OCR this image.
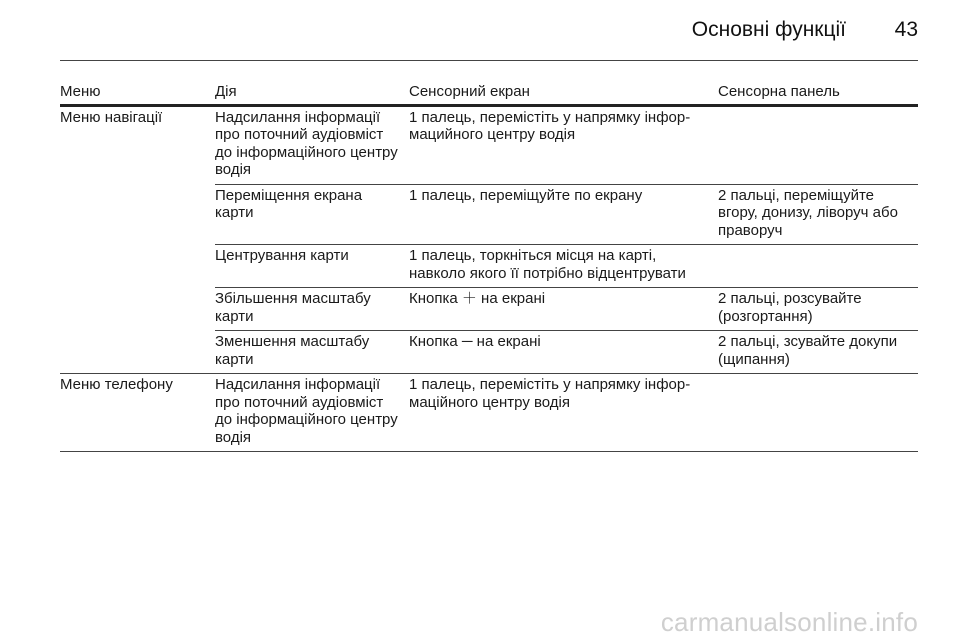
Основні функції 43
Меню	Дія	Сенсорний екран	Сенсорна панель
Меню навігації	Надсилання інформації про поточний аудіовміст до інформаційного центру водія	1 палець, перемістіть у напрямку інфор-мацийного центру водія	
	Переміщення екрана карти	1 палець, переміщуйте по екрану	2 пальці, переміщуйте вгору, донизу, ліворуч або праворуч
	Центрування карти	1 палець, торкніться місця на карті, навколо якого її потрібно відцентрувати	
	Збільшення масштабу карти	Кнопка ＋ на екрані	2 пальці, розсувайте (розгортання)
	Зменшення масштабу карти	Кнопка ─ на екрані	2 пальці, зсувайте докупи (щипання)
Меню телефону	Надсилання інформації про поточний аудіовміст до інформаційного центру водія	1 палець, перемістіть у напрямку інфор-маційного центру водія	
carmanualsonline.info
